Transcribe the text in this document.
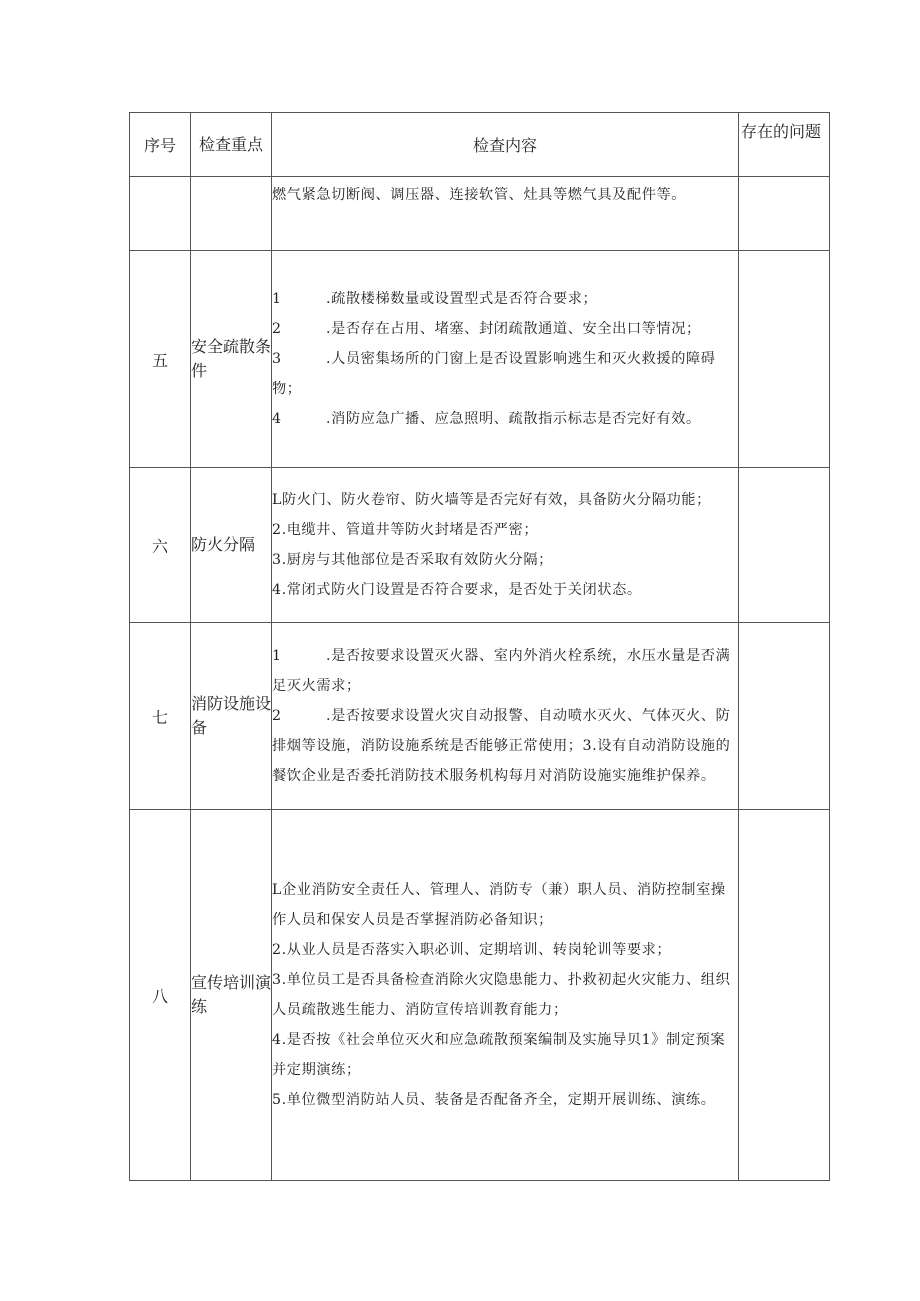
序号	检查重点	检查内容	存在的问题

		燃气紧急切断阀、调压器、连接软管、灶具等燃气具及配件等。	

五	安全疏散条件	1　　　.疏散楼梯数量或设置型式是否符合要求；

2　　　.是否存在占用、堵塞、封闭疏散通道、安全出口等情况；

3　　　.人员密集场所的门窗上是否设置影响逃生和灭火救援的障碍物；

4　　　.消防应急广播、应急照明、疏散指示标志是否完好有效。	

六	防火分隔	L防火门、防火卷帘、防火墙等是否完好有效，具备防火分隔功能；

2.电缆井、管道井等防火封堵是否严密；

3.厨房与其他部位是否采取有效防火分隔；

4.常闭式防火门设置是否符合要求，是否处于关闭状态。	

七	消防设施设备	1　　　.是否按要求设置灭火器、室内外消火栓系统，水压水量是否满足灭火需求；

2　　　.是否按要求设置火灾自动报警、自动喷水灭火、气体灭火、防排烟等设施，消防设施系统是否能够正常使用；3.设有自动消防设施的餐饮企业是否委托消防技术服务机构每月对消防设施实施维护保养。	

八	宣传培训演练	L企业消防安全责任人、管理人、消防专（兼）职人员、消防控制室操作人员和保安人员是否掌握消防必备知识；

2.从业人员是否落实入职必训、定期培训、转岗轮训等要求；

3.单位员工是否具备检查消除火灾隐患能力、扑救初起火灾能力、组织人员疏散逃生能力、消防宣传培训教育能力；

4.是否按《社会单位灭火和应急疏散预案编制及实施导贝1》制定预案并定期演练；

5.单位微型消防站人员、装备是否配备齐全，定期开展训练、演练。	
